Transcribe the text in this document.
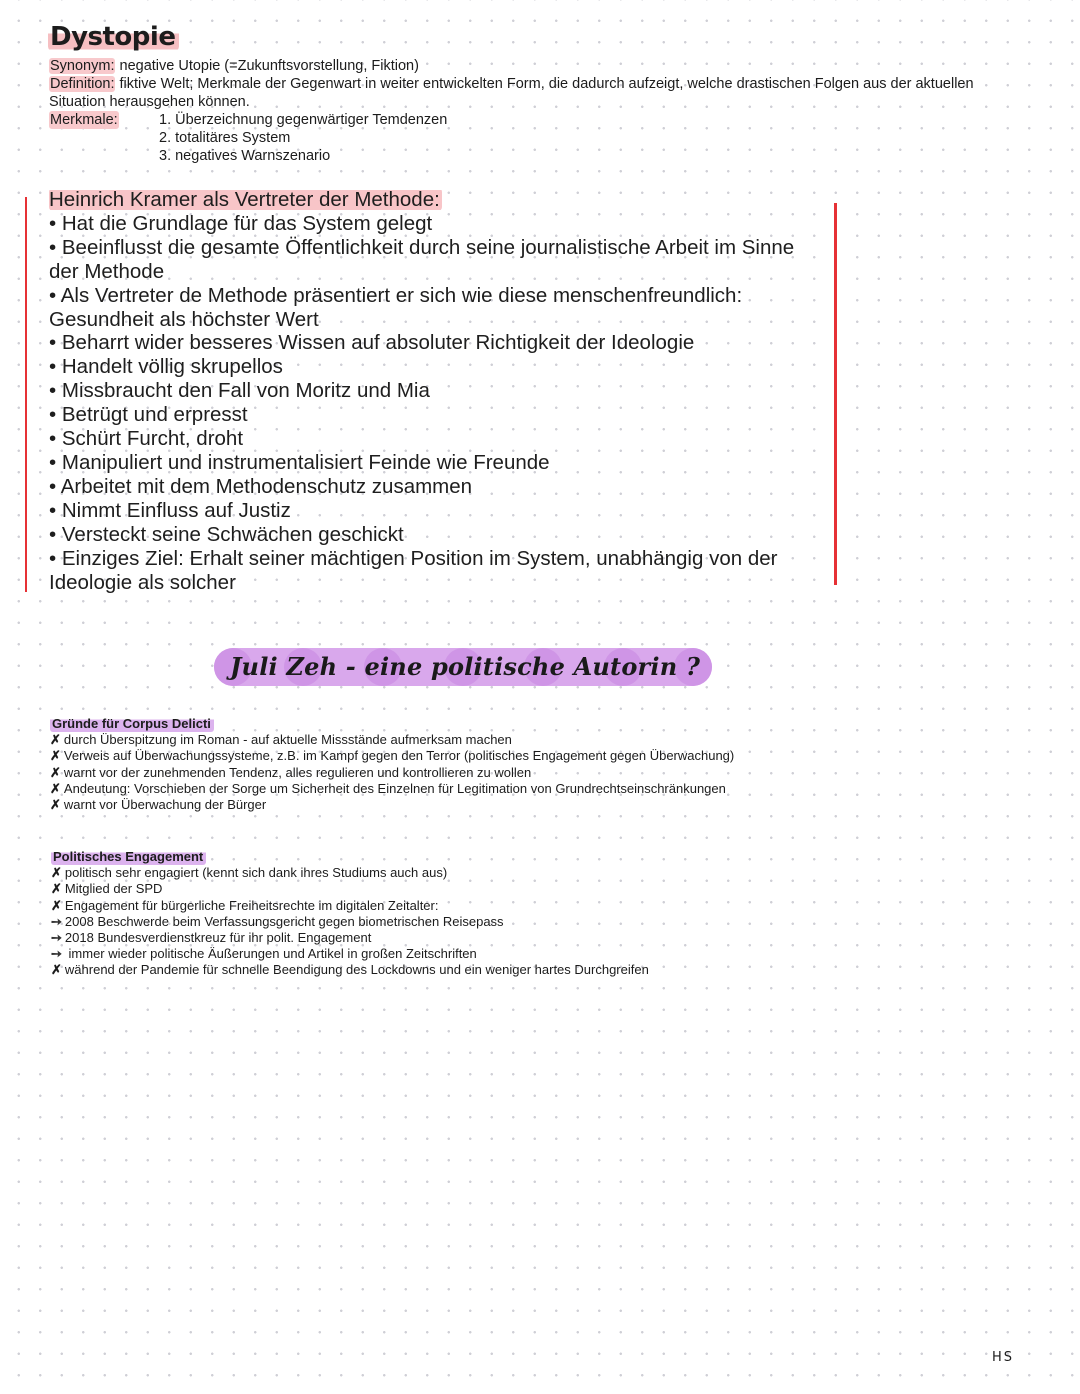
Dystopie
Synonym: negative Utopie (=Zukunftsvorstellung, Fiktion)
Definition: fiktive Welt; Merkmale der Gegenwart in weiter entwickelten Form, die dadurch aufzeigt, welche drastischen Folgen aus der aktuellen Situation herausgehen können.
Merkmale:	1. Überzeichnung gegenwärtiger Temdenzen
2. totalitäres System
3. negatives Warnszenario

Heinrich Kramer als Vertreter der Methode:

• Hat die Grundlage für das System gelegt

• Beeinflusst die gesamte Öffentlichkeit durch seine journalistische Arbeit im Sinne der Methode

• Als Vertreter de Methode präsentiert er sich wie diese menschenfreundlich: Gesundheit als höchster Wert

• Beharrt wider besseres Wissen auf absoluter Richtigkeit der Ideologie

• Handelt völlig skrupellos

• Missbraucht den Fall von Moritz und Mia

• Betrügt und erpresst

• Schürt Furcht, droht

• Manipuliert und instrumentalisiert Feinde wie Freunde

• Arbeitet mit dem Methodenschutz zusammen

• Nimmt Einfluss auf Justiz

• Versteckt seine Schwächen geschickt

• Einziges Ziel: Erhalt seiner mächtigen Position im System, unabhängig von der Ideologie als solcher

Juli Zeh - eine politische Autorin ?
Gründe für Corpus Delicti

✗ durch Überspitzung im Roman - auf aktuelle Missstände aufmerksam machen

✗ Verweis auf Überwachungssysteme, z.B. im Kampf gegen den Terror (politisches Engagement gegen Überwachung)

✗ warnt vor der zunehmenden Tendenz, alles regulieren und kontrollieren zu wollen

✗ Andeutung: Vorschieben der Sorge um Sicherheit des Einzelnen für Legitimation von Grundrechtseinschränkungen

✗ warnt vor Überwachung der Bürger

Politisches Engagement

✗ politisch sehr engagiert (kennt sich dank ihres Studiums auch aus)

✗ Mitglied der SPD

✗ Engagement für bürgerliche Freiheitsrechte im digitalen Zeitalter:

➙ 2008 Beschwerde beim Verfassungsgericht gegen biometrischen Reisepass

➙ 2018 Bundesverdienstkreuz für ihr polit. Engagement

➙ immer wieder politische Äußerungen und Artikel in großen Zeitschriften

✗ während der Pandemie für schnelle Beendigung des Lockdowns und ein weniger hartes Durchgreifen

HS
